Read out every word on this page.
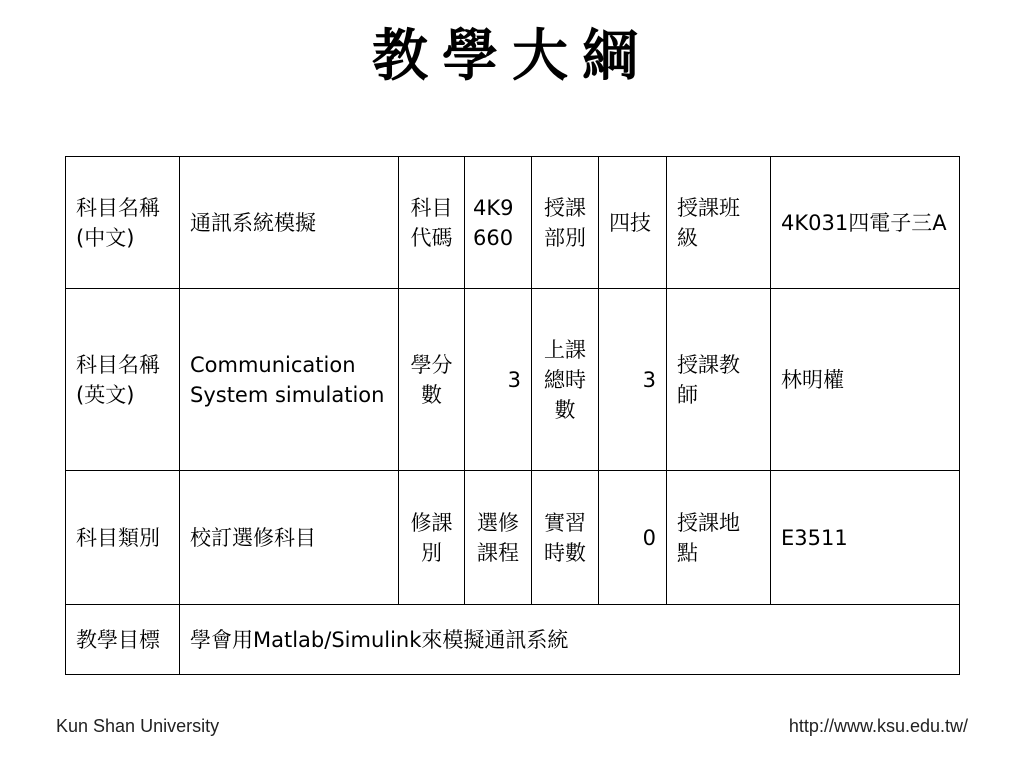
教學大綱
科目名稱(中文)	通訊系統模擬	科目代碼	4K9660	授課部別	四技	授課班級	4K031四電子三A
科目名稱(英文)	Communication System simulation	學分數	3	上課總時數	3	授課教師	林明權
科目類別	校訂選修科目	修課別	選修課程	實習時數	0	授課地點	E3511
教學目標	學會用Matlab/Simulink來模擬通訊系統						
Kun Shan University	http://www.ksu.edu.tw/
